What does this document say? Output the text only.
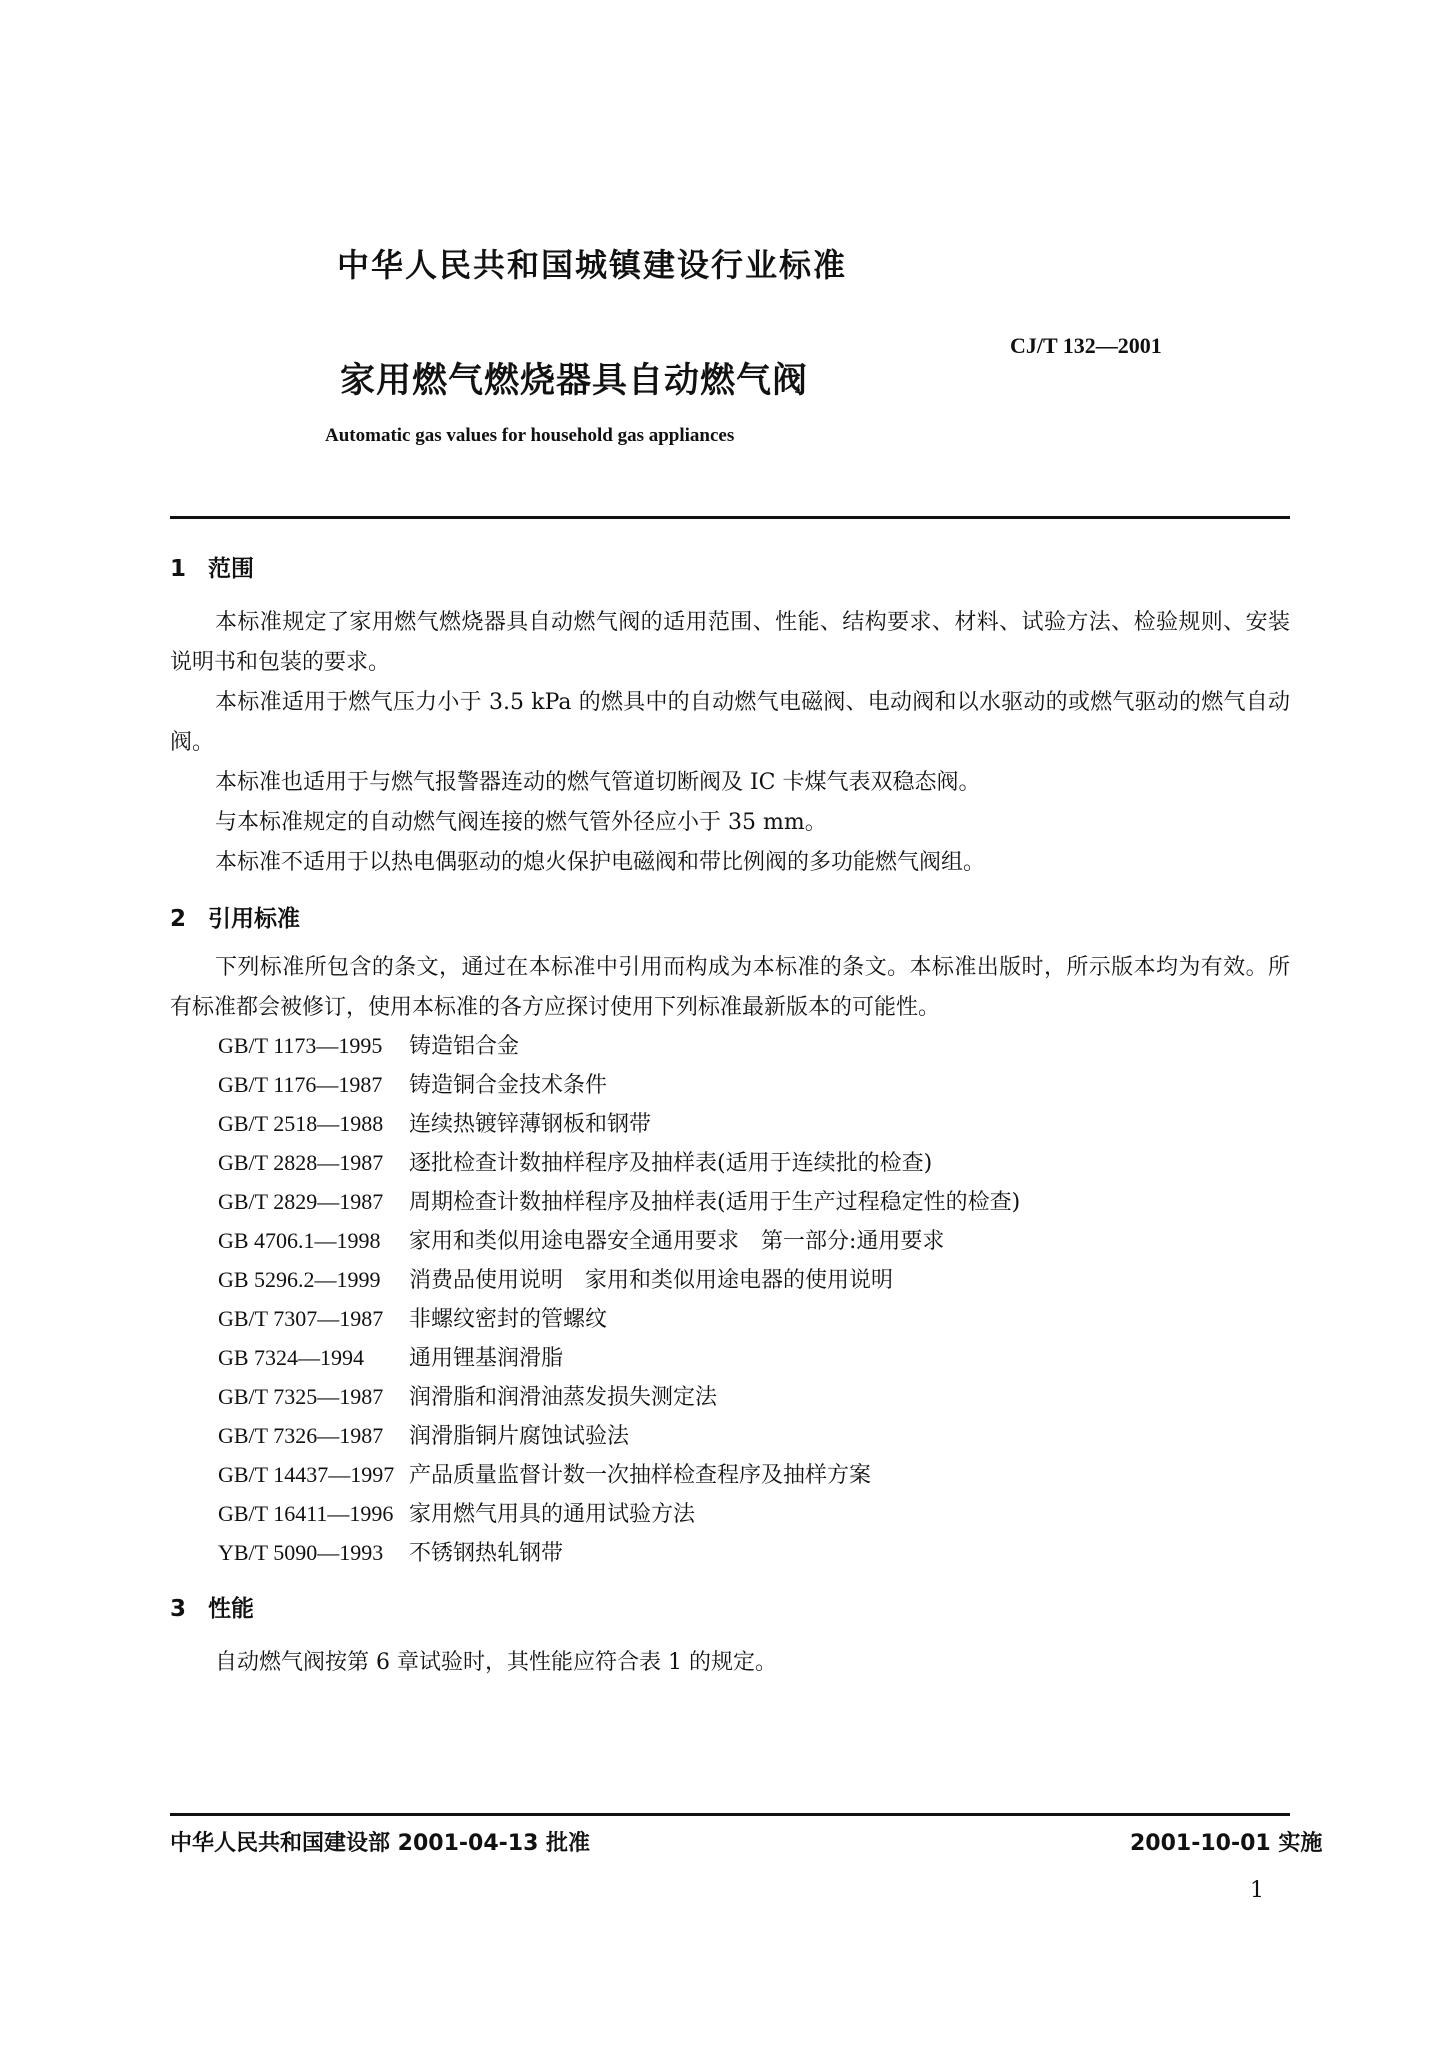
中华人民共和国城镇建设行业标准
CJ/T 132—2001
家用燃气燃烧器具自动燃气阀
Automatic gas values for household gas appliances
1 范围

本标准规定了家用燃气燃烧器具自动燃气阀的适用范围、性能、结构要求、材料、试验方法、检验规则、安装说明书和包装的要求。

本标准适用于燃气压力小于 3.5 kPa 的燃具中的自动燃气电磁阀、电动阀和以水驱动的或燃气驱动的燃气自动阀。

本标准也适用于与燃气报警器连动的燃气管道切断阀及 IC 卡煤气表双稳态阀。

与本标准规定的自动燃气阀连接的燃气管外径应小于 35 mm。

本标准不适用于以热电偶驱动的熄火保护电磁阀和带比例阀的多功能燃气阀组。

2 引用标准

下列标准所包含的条文，通过在本标准中引用而构成为本标准的条文。本标准出版时，所示版本均为有效。所有标准都会被修订，使用本标准的各方应探讨使用下列标准最新版本的可能性。

GB/T 1173—1995 铸造铝合金
GB/T 1176—1987 铸造铜合金技术条件
GB/T 2518—1988 连续热镀锌薄钢板和钢带
GB/T 2828—1987 逐批检查计数抽样程序及抽样表(适用于连续批的检查)
GB/T 2829—1987 周期检查计数抽样程序及抽样表(适用于生产过程稳定性的检查)
GB 4706.1—1998 家用和类似用途电器安全通用要求　第一部分:通用要求
GB 5296.2—1999 消费品使用说明　家用和类似用途电器的使用说明
GB/T 7307—1987 非螺纹密封的管螺纹
GB 7324—1994 通用锂基润滑脂
GB/T 7325—1987 润滑脂和润滑油蒸发损失测定法
GB/T 7326—1987 润滑脂铜片腐蚀试验法
GB/T 14437—1997 产品质量监督计数一次抽样检查程序及抽样方案
GB/T 16411—1996 家用燃气用具的通用试验方法
YB/T 5090—1993 不锈钢热轧钢带
3 性能

自动燃气阀按第 6 章试验时，其性能应符合表 1 的规定。

中华人民共和国建设部 2001-04-13 批准	2001-10-01 实施
1
